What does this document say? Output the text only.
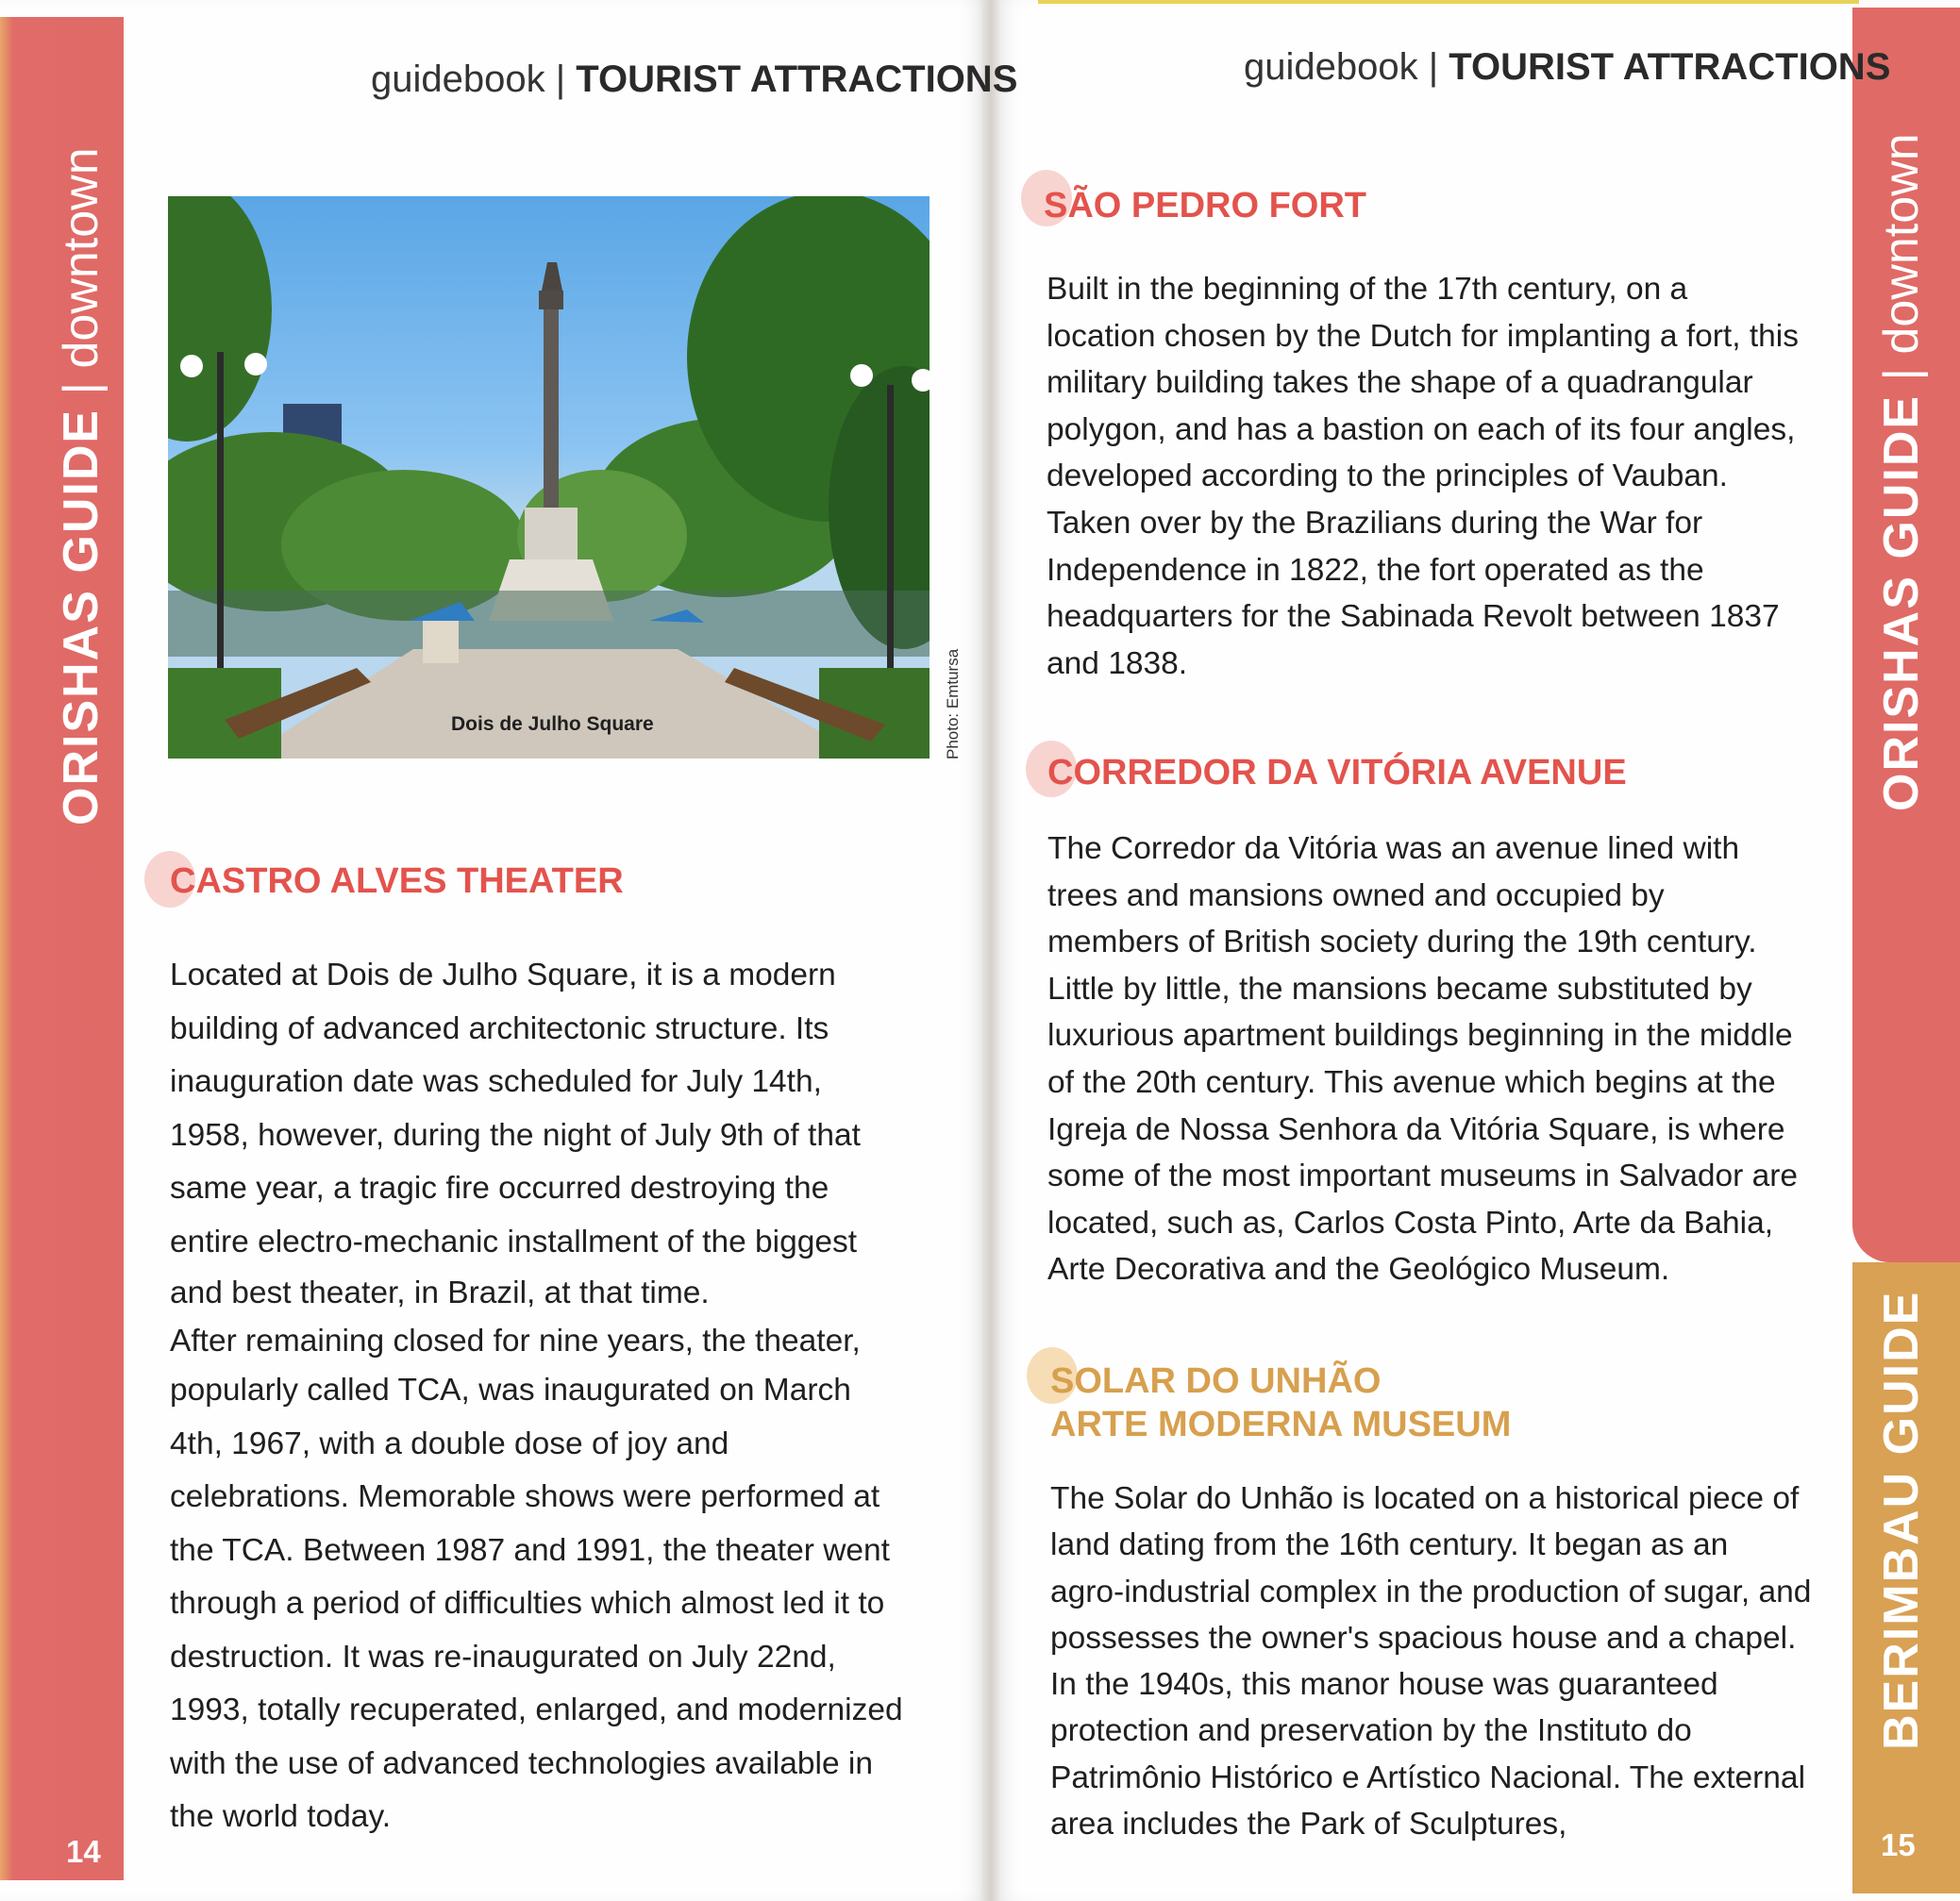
ORISHAS GUIDE | downtown
14
ORISHAS GUIDE | downtown
BERIMBAU GUIDE
15
guidebook | TOURIST ATTRACTIONS	guidebook | TOURIST ATTRACTIONS
Dois de Julho Square	Photo: Emtursa
CASTRO ALVES THEATER

Located at Dois de Julho Square, it is a modern

building of advanced architectonic structure. Its

inauguration date was scheduled for July 14th,

1958, however, during the night of July 9th of that

same year, a tragic fire occurred destroying the

entire electro-mechanic installment of the biggest

and best theater, in Brazil, at that time.

After remaining closed for nine years, the theater,

popularly called TCA, was inaugurated on March

4th, 1967, with a double dose of joy and

celebrations. Memorable shows were performed at

the TCA. Between 1987 and 1991, the theater went

through a period of difficulties which almost led it to

destruction. It was re-inaugurated on July 22nd,

1993, totally recuperated, enlarged, and modernized

with the use of advanced technologies available in

the world today.

SÃO PEDRO FORT

Built in the beginning of the 17th century, on a

location chosen by the Dutch for implanting a fort, this

military building takes the shape of a quadrangular

polygon, and has a bastion on each of its four angles,

developed according to the principles of Vauban.

Taken over by the Brazilians during the War for

Independence in 1822, the fort operated as the

headquarters for the Sabinada Revolt between 1837

and 1838.

CORREDOR DA VITÓRIA AVENUE

The Corredor da Vitória was an avenue lined with

trees and mansions owned and occupied by

members of British society during the 19th century.

Little by little, the mansions became substituted by

luxurious apartment buildings beginning in the middle

of the 20th century. This avenue which begins at the

Igreja de Nossa Senhora da Vitória Square, is where

some of the most important museums in Salvador are

located, such as, Carlos Costa Pinto, Arte da Bahia,

Arte Decorativa and the Geológico Museum.

SOLAR DO UNHÃO
ARTE MODERNA MUSEUM

The Solar do Unhão is located on a historical piece of

land dating from the 16th century. It began as an

agro-industrial complex in the production of sugar, and

possesses the owner's spacious house and a chapel.

In the 1940s, this manor house was guaranteed

protection and preservation by the Instituto do

Patrimônio Histórico e Artístico Nacional. The external

area includes the Park of Sculptures,
